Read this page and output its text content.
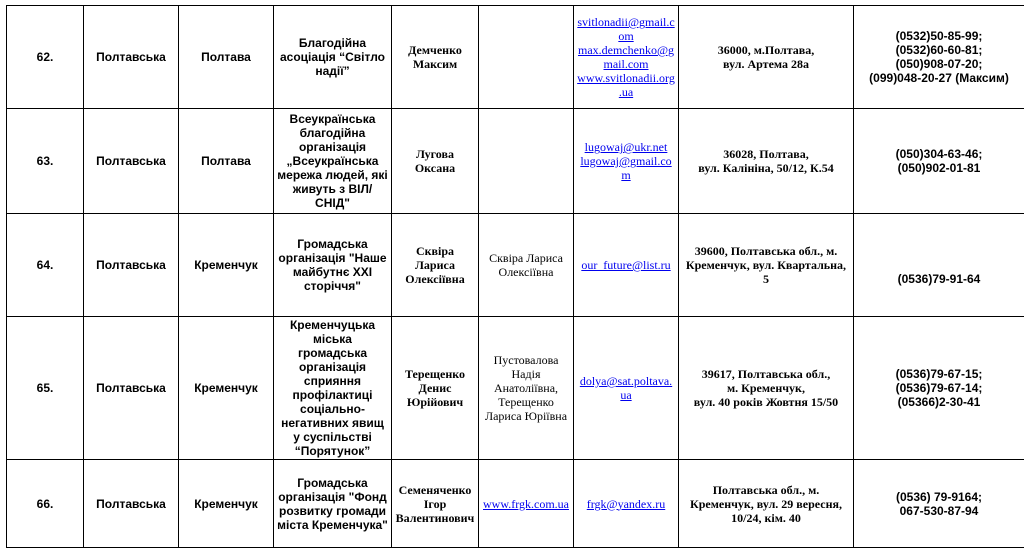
62.	Полтавська	Полтава	Благодійна асоціація “Світло надії”	Демченко Максим		svitlonadii@gmail.com
max.demchenko@gmail.com
www.svitlonadii.org.ua	36000, м.Полтава,
вул. Артема 28а	(0532)50-85-99;
(0532)60-60-81;
(050)908-07-20;
(099)048-20-27 (Максим)

63.	Полтавська	Полтава	Всеукраїнська благодійна організація „Всеукраїнська мережа людей, які живуть з ВІЛ/СНІД"	Лугова Оксана		lugowaj@ukr.net
lugowaj@gmail.com	36028, Полтава,
вул. Калініна, 50/12, К.54	(050)304-63-46;
(050)902-01-81

64.	Полтавська	Кременчук	Громадська організація "Наше майбутнє XXI сторіччя"	Сквіра Лариса Олексіївна	Сквіра Лариса Олексіївна	our_future@list.ru	39600, Полтавська обл., м. Кременчук, вул. Квартальна, 5	(0536)79-91-64

65.	Полтавська	Кременчук	Кременчуцька міська громадська організація сприяння профілактиці соціально-негативних явищ у суспільстві “Порятунок”	Терещенко Денис Юрійович	Пустовалова Надія Анатоліївна, Терещенко Лариса Юріївна	dolya@sat.poltava.ua	39617, Полтавська обл.,
м. Кременчук,
вул. 40 років Жовтня 15/50	(0536)79-67-15;
(0536)79-67-14;
(05366)2-30-41

66.	Полтавська	Кременчук	Громадська організація "Фонд розвитку громади міста Кременчука"	Семеняченко Ігор Валентинович	www.frgk.com.ua	frgk@yandex.ru	Полтавська обл., м. Кременчук, вул. 29 вересня, 10/24, кім. 40	(0536) 79-9164;
067-530-87-94
